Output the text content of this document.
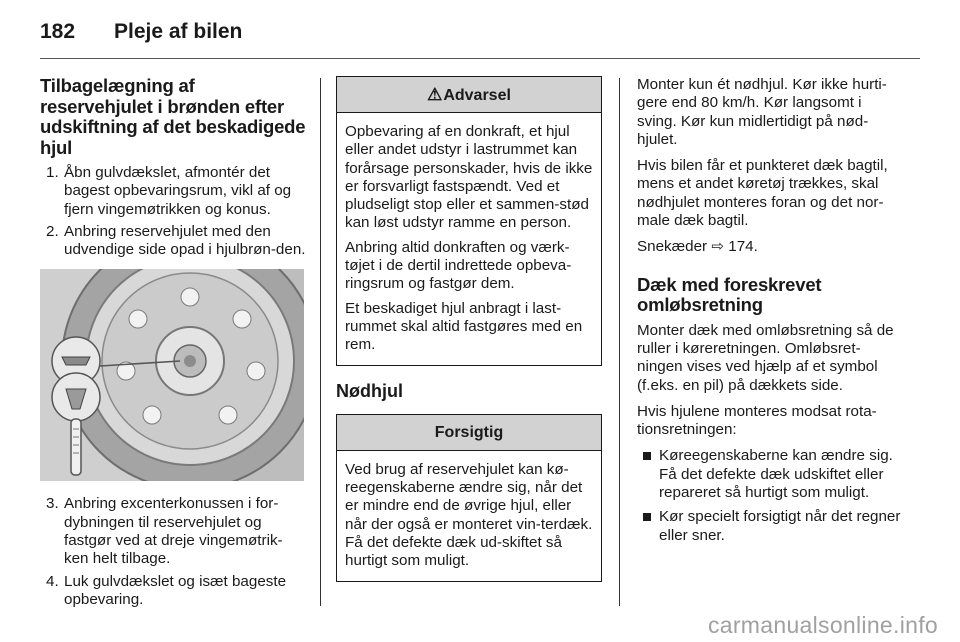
182 Pleje af bilen
Tilbagelægning af reservehjulet i brønden efter udskiftning af det beskadigede hjul
1. Åbn gulvdækslet, afmontér det bagest opbevaringsrum, vikl af og fjern vingemøtrikken og konus.
2. Anbring reservehjulet med den udvendige side opad i hjulbrøn-den.
3. Anbring excenterkonussen i for-dybningen til reservehjulet og fastgør ved at dreje vingemøtrik-ken helt tilbage.
4. Luk gulvdækslet og isæt bageste opbevaring.
⚠Advarsel

Opbevaring af en donkraft, et hjul eller andet udstyr i lastrummet kan forårsage personskader, hvis de ikke er forsvarligt fastspændt. Ved et pludseligt stop eller et sammen-stød kan løst udstyr ramme en person.

Anbring altid donkraften og værk-tøjet i de dertil indrettede opbeva-ringsrum og fastgør dem.

Et beskadiget hjul anbragt i last-rummet skal altid fastgøres med en rem.

Nødhjul
Forsigtig

Ved brug af reservehjulet kan kø-reegenskaberne ændre sig, når det er mindre end de øvrige hjul, eller når der også er monteret vin-terdæk. Få det defekte dæk ud-skiftet så hurtigt som muligt.

Monter kun ét nødhjul. Kør ikke hurti-gere end 80 km/h. Kør langsomt i sving. Kør kun midlertidigt på nød-hjulet.

Hvis bilen får et punkteret dæk bagtil, mens et andet køretøj trækkes, skal nødhjulet monteres foran og det nor-male dæk bagtil.

Snekæder ⇨ 174.

Dæk med foreskrevet omløbsretning

Monter dæk med omløbsretning så de ruller i køreretningen. Omløbsret-ningen vises ved hjælp af et symbol (f.eks. en pil) på dækkets side.

Hvis hjulene monteres modsat rota-tionsretningen:

Køreegenskaberne kan ændre sig. Få det defekte dæk udskiftet eller repareret så hurtigt som muligt.
Kør specielt forsigtigt når det regner eller sner.
carmanualsonline.info
